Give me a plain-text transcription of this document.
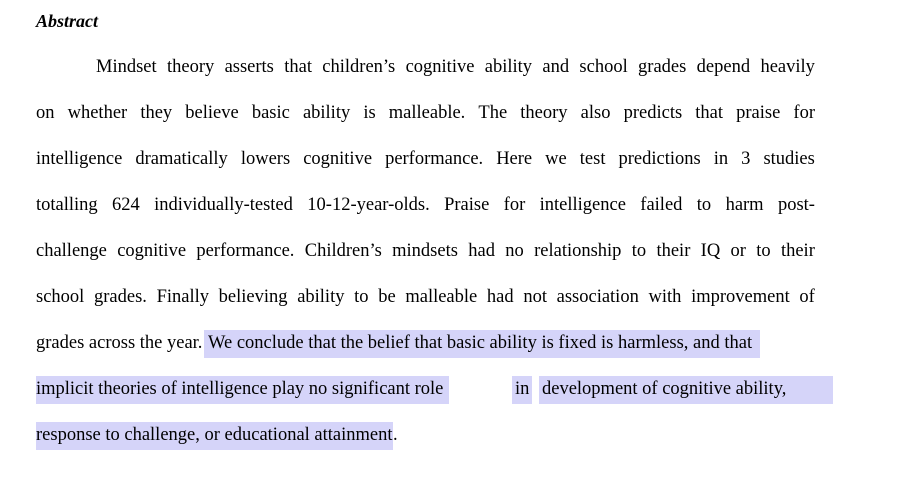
Abstract
Mindset theory asserts that children’s cognitive ability and school grades depend heavily
on whether they believe basic ability is malleable. The theory also predicts that praise for
intelligence dramatically lowers cognitive performance. Here we test predictions in 3 studies
totalling 624 individually-tested 10-12-year-olds. Praise for intelligence failed to harm post-
challenge cognitive performance. Children’s mindsets had no relationship to their IQ or to their
school grades. Finally believing ability to be malleable had not association with improvement of
grades across the year. We conclude that the belief that basic ability is fixed is harmless, and that
implicit theories of intelligence play no significant role	in development of cognitive ability,
response to challenge, or educational attainment .
